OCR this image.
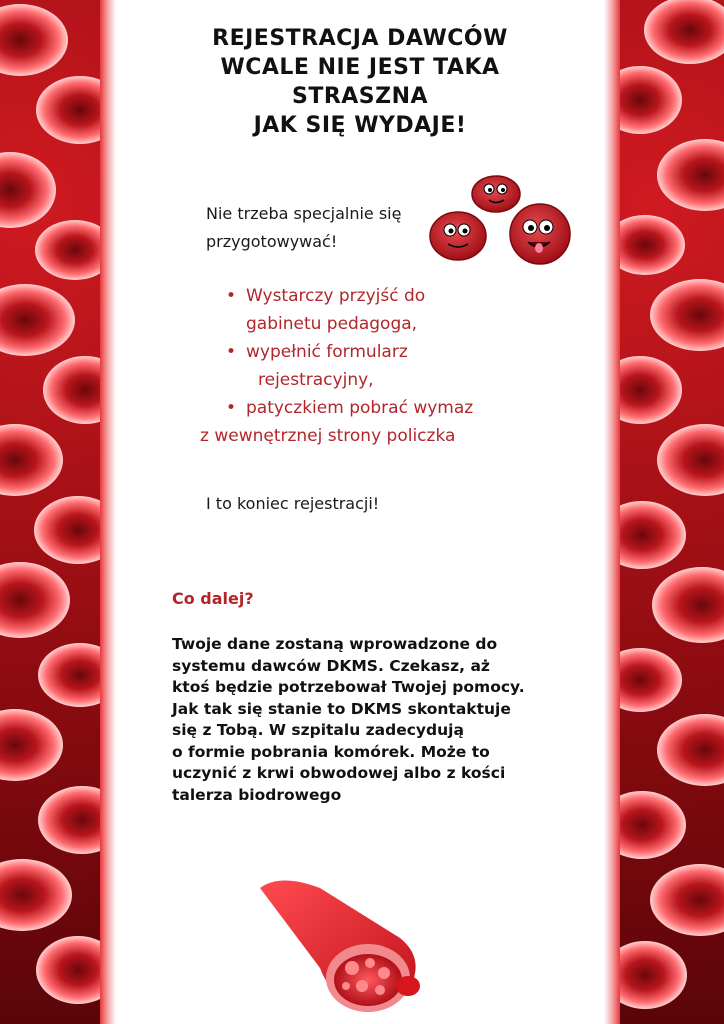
REJESTRACJA DAWCÓW
WCALE NIE JEST TAKA
STRASZNA
JAK SIĘ WYDAJE!
Nie trzeba specjalnie się
przygotowywać!
• Wystarczy przyjść do
gabinetu pedagoga,
• wypełnić formularz
rejestracyjny,
• patyczkiem pobrać wymaz
z wewnętrznej strony policzka
I to koniec rejestracji!
Co dalej?
Twoje dane zostaną wprowadzone do
systemu dawców DKMS. Czekasz, aż
ktoś będzie potrzebował Twojej pomocy.
Jak tak się stanie to DKMS skontaktuje
się z Tobą. W szpitalu zadecydują
o formie pobrania komórek. Może to
uczynić z krwi obwodowej albo z kości
talerza biodrowego
